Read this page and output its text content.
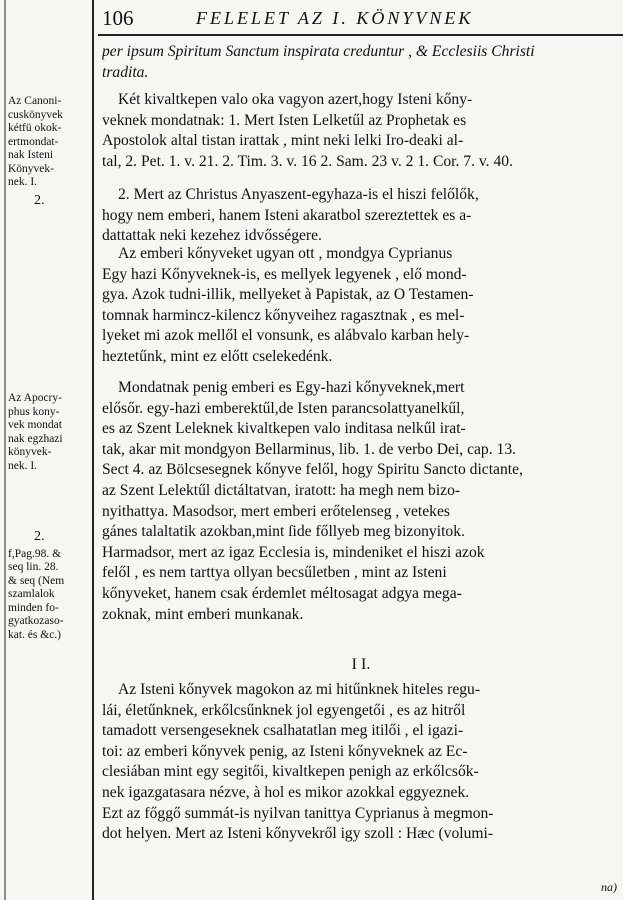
106	FELELET AZ I. KÖNYVNEK
Az Canoni-
cuskönyvek
kétfü okok-
ertmondat-
nak Isteni
Könyvek-
nek. I.
2.
Az Apocry-
phus kony-
vek mondat
nak egzhazi
könyvek-
nek. I.
2.
f,Pag.98. &
seq lin. 28.
& seq (Nem
szamlalok
minden fo-
gyatkozaso-
kat. és &c.)
per ipsum Spiritum Sanctum inspirata creduntur , & Ecclesiis Christi
tradita.
Két kivaltkepen valo oka vagyon azert,hogy Isteni kőny-
veknek mondatnak: 1. Mert Isten Lelketűl az Prophetak es
Apostolok altal tistan irattak , mint neki lelki Iro-deaki al-
tal, 2. Pet. 1. v. 21. 2. Tim. 3. v. 16 2. Sam. 23 v. 2 1. Cor. 7. v. 40.
2. Mert az Christus Anyaszent-egyhaza-is el hiszi felőlők,
hogy nem emberi, hanem Isteni akaratbol szereztettek es a-
dattattak neki kezehez idvősségere.
Az emberi kőnyveket ugyan ott , mondgya Cyprianus
Egy hazi Kőnyveknek-is, es mellyek legyenek , elő mond-
gya. Azok tudni-illik, mellyeket à Papistak, az O Testamen-
tomnak harmincz-kilencz kőnyveihez ragasztnak , es mel-
lyeket mi azok mellől el vonsunk, es alábvalo karban hely-
heztetűnk, mint ez előtt cselekedénk.
Mondatnak penig emberi es Egy-hazi kőnyveknek,mert
elősőr. egy-hazi emberektűl,de Isten parancsolattyanelkűl,
es az Szent Leleknek kivaltkepen valo inditasa nelkűl irat-
tak, akar mit mondgyon Bellarminus, lib. 1. de verbo Dei, cap. 13.
Sect 4. az Bölcsesegnek kőnyve felől, hogy Spiritu Sancto dictante,
az Szent Lelektűl dictáltatvan, iratott: ha megh nem bizo-
nyithattya. Masodsor, mert emberi erőtelenseg , vetekes
gánes talaltatik azokban,mint ſide főllyeb meg bizonyitok.
Harmadsor, mert az igaz Ecclesia is, mindeniket el hiszi azok
felől , es nem tarttya ollyan becsűletben , mint az Isteni
kőnyveket, hanem csak érdemlet méltosagat adgya mega-
zoknak, mint emberi munkanak.
I I.
Az Isteni kőnyvek magokon az mi hitűnknek hiteles regu-
lái, életűnknek, erkőlcsűnknek jol egyengetői , es az hitről
tamadott versengeseknek csalhatatlan meg itilői , el igazi-
toi: az emberi kőnyvek penig, az Isteni kőnyveknek az Ec-
clesiában mint egy segitői, kivaltkepen penigh az erkőlcsők-
nek igazgatasara nézve, à hol es mikor azokkal eggyeznek.
Ezt az főggő summát-is nyilvan tanittya Cyprianus à megmon-
dot helyen. Mert az Isteni kőnyvekről igy szoll : Hæc (volumi-
na)
